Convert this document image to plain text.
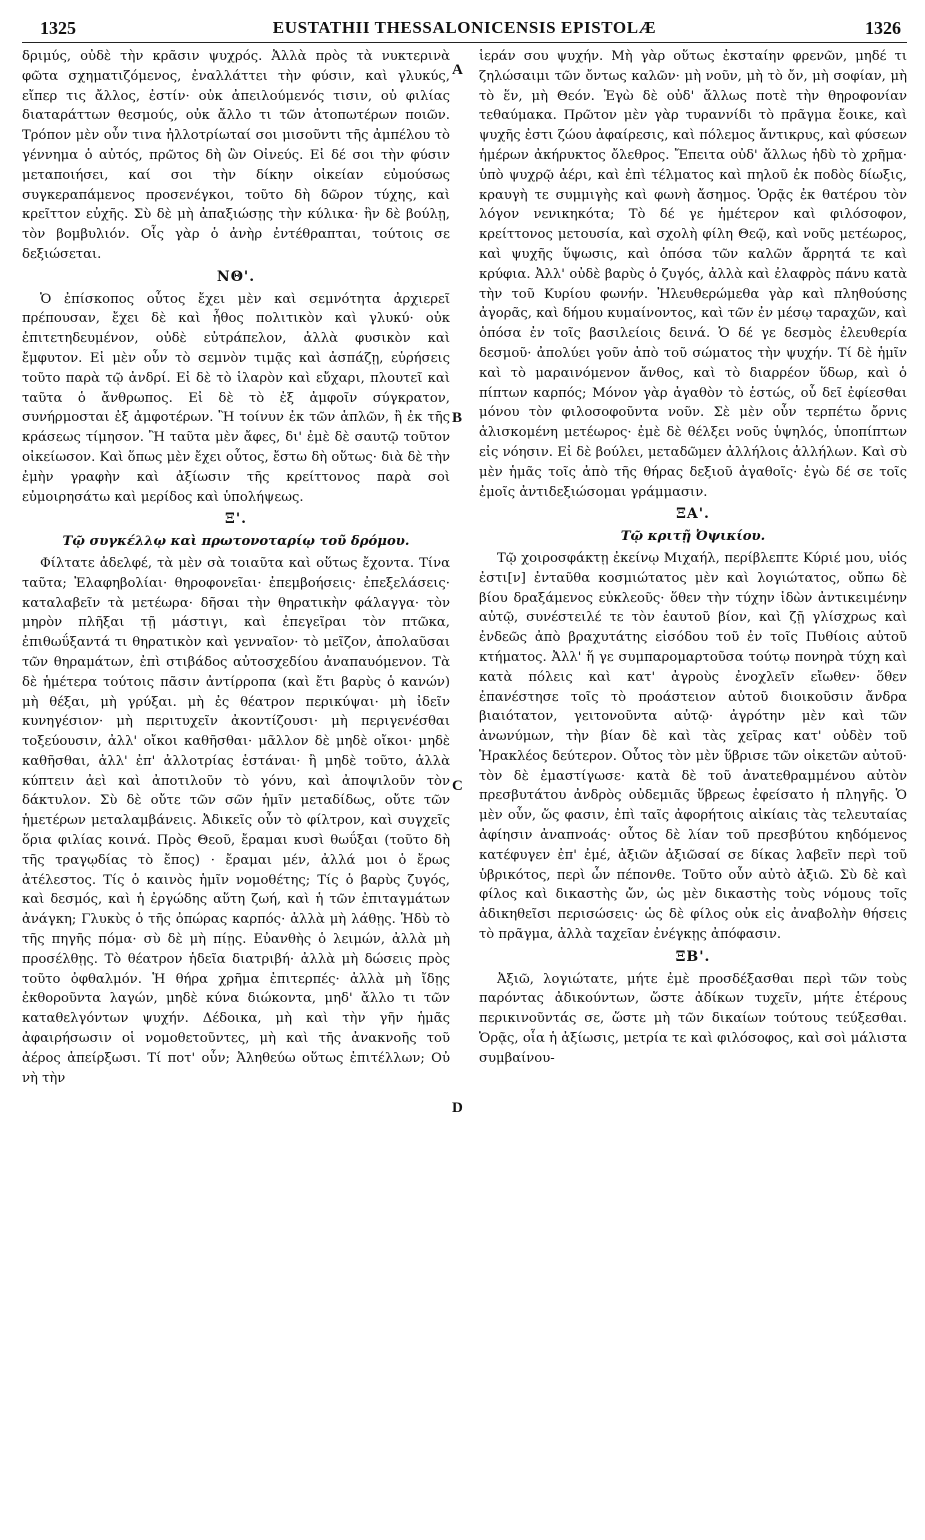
1325	EUSTATHII THESSALONICENSIS EPISTOLÆ	1326
A
B
C
D

δριμύς, οὐδὲ τὴν κρᾶσιν ψυχρός. Ἀλλὰ πρὸς τὰ νυκτερινὰ φῶτα σχηματιζόμενος, ἐναλλάττει τὴν φύσιν, καὶ γλυκύς, εἴπερ τις ἄλλος, ἐστίν· οὐκ ἀπειλούμενός τισιν, οὐ φιλίας διαταράττων θεσμούς, οὐκ ἄλλο τι τῶν ἀτοπωτέρων ποιῶν. Τρόπον μὲν οὖν τινα ἠλλοτρίωταί σοι μισοῦντι τῆς ἀμπέλου τὸ γέννημα ὁ αὐτός, πρῶτος δὴ ὢν Οἰνεύς. Εἰ δέ σοι τὴν φύσιν μεταποιήσει, καί σοι τὴν δίκην οἰκείαν εὐμούσως συγκεραπάμενος προσενέγκοι, τοῦτο δὴ δῶρον τύχης, καὶ κρεῖττον εὐχῆς. Σὺ δὲ μὴ ἀπαξιώσῃς τὴν κύλικα· ἣν δὲ βούλῃ, τὸν βομβυλιόν. Οἷς γὰρ ὁ ἀνὴρ ἐντέθραπται, τούτοις σε δεξιώσεται.

ΝΘ'.

Ὁ ἐπίσκοπος οὗτος ἔχει μὲν καὶ σεμνότητα ἀρχιερεῖ πρέπουσαν, ἔχει δὲ καὶ ἦθος πολιτικὸν καὶ γλυκύ· οὐκ ἐπιτετηδευμένον, οὐδὲ εὐτράπελον, ἀλλὰ φυσικὸν καὶ ἔμφυτον. Εἰ μὲν οὖν τὸ σεμνὸν τιμᾷς καὶ ἀσπάζῃ, εὑρήσεις τοῦτο παρὰ τῷ ἀνδρί. Εἰ δὲ τὸ ἱλαρὸν καὶ εὔχαρι, πλουτεῖ καὶ ταῦτα ὁ ἄνθρωπος. Εἰ δὲ τὸ ἐξ ἀμφοῖν σύγκρατον, συνήρμοσται ἐξ ἀμφοτέρων. Ἢ τοίνυν ἐκ τῶν ἁπλῶν, ἢ ἐκ τῆς κράσεως τίμησον. Ἢ ταῦτα μὲν ἄφες, δι' ἐμὲ δὲ σαυτῷ τοῦτον οἰκείωσον. Καὶ ὅπως μὲν ἔχει οὗτος, ἔστω δὴ οὕτως· διὰ δὲ τὴν ἐμὴν γραφὴν καὶ ἀξίωσιν τῆς κρείττονος παρὰ σοὶ εὐμοιρησάτω καὶ μερίδος καὶ ὑπολήψεως.

Ξ'.
Τῷ συγκέλλῳ καὶ πρωτονοταρίῳ τοῦ δρόμου.

Φίλτατε ἀδελφέ, τὰ μὲν σὰ τοιαῦτα καὶ οὕτως ἔχοντα. Τίνα ταῦτα; Ἐλαφηβολίαι· θηροφονεῖαι· ἐπεμβοήσεις· ἐπεξελάσεις· καταλαβεῖν τὰ μετέωρα· δῆσαι τὴν θηρατικὴν φάλαγγα· τὸν μηρὸν πλῆξαι τῇ μάστιγι, καὶ ἐπεγεῖραι τὸν πτῶκα, ἐπιθωΰξαντά τι θηρατικὸν καὶ γενναῖον· τὸ μεῖζον, ἀπολαῦσαι τῶν θηραμάτων, ἐπὶ στιβάδος αὐτοσχεδίου ἀναπαυόμενον. Τὰ δὲ ἡμέτερα τούτοις πᾶσιν ἀντίρροπα (καὶ ἔτι βαρὺς ὁ κανών) μὴ θέξαι, μὴ γρύξαι. μὴ ἐς θέατρον περικύψαι· μὴ ἰδεῖν κυνηγέσιον· μὴ περιτυχεῖν ἀκοντίζουσι· μὴ περιγενέσθαι τοξεύουσιν, ἀλλ' οἴκοι καθῆσθαι· μᾶλλον δὲ μηδὲ οἴκοι· μηδὲ καθῆσθαι, ἀλλ' ἐπ' ἀλλοτρίας ἑστάναι· ἢ μηδὲ τοῦτο, ἀλλὰ κύπτειν ἀεὶ καὶ ἀποτιλοῦν τὸ γόνυ, καὶ ἀποψιλοῦν τὸν δάκτυλον. Σὺ δὲ οὔτε τῶν σῶν ἡμῖν μεταδίδως, οὔτε τῶν ἡμετέρων μεταλαμβάνεις. Ἀδικεῖς οὖν τὸ φίλτρον, καὶ συγχεῖς ὅρια φιλίας κοινά. Πρὸς Θεοῦ, ἔραμαι κυσὶ θωΰξαι (τοῦτο δὴ τῆς τραγῳδίας τὸ ἔπος) · ἔραμαι μέν, ἀλλά μοι ὁ ἔρως ἀτέλεστος. Τίς ὁ καινὸς ἡμῖν νομοθέτης; Τίς ὁ βαρὺς ζυγός, καὶ δεσμός, καὶ ἡ ἐργώδης αὕτη ζωή, καὶ ἡ τῶν ἐπιταγμάτων ἀνάγκη; Γλυκὺς ὁ τῆς ὀπώρας καρπός· ἀλλὰ μὴ λάθῃς. Ἡδὺ τὸ τῆς πηγῆς πόμα· σὺ δὲ μὴ πίῃς. Εὐανθὴς ὁ λειμών, ἀλλὰ μὴ προσέλθῃς. Τὸ θέατρον ἡδεῖα διατριβή· ἀλλὰ μὴ δώσεις πρὸς τοῦτο ὀφθαλμόν. Ἡ θήρα χρῆμα ἐπιτερπές· ἀλλὰ μὴ ἴδῃς ἐκθοροῦντα λαγών, μηδὲ κύνα διώκοντα, μηδ' ἄλλο τι τῶν καταθελγόντων ψυχήν. Δέδοικα, μὴ καὶ τὴν γῆν ἡμᾶς ἀφαιρήσωσιν οἱ νομοθετοῦντες, μὴ καὶ τῆς ἀνακνοῆς τοῦ ἀέρος ἀπείρξωσι. Τί ποτ' οὖν; Ἀληθεύω οὕτως ἐπιτέλλων; Οὐ νὴ τὴν

ἱεράν σου ψυχήν. Μὴ γὰρ οὕτως ἐκσταίην φρενῶν, μηδέ τι ζηλώσαιμι τῶν ὄντως καλῶν· μὴ νοῦν, μὴ τὸ ὄν, μὴ σοφίαν, μὴ τὸ ἕν, μὴ Θεόν. Ἐγὼ δὲ οὐδ' ἄλλως ποτὲ τὴν θηροφονίαν τεθαύμακα. Πρῶτον μὲν γὰρ τυραννίδι τὸ πρᾶγμα ἔοικε, καὶ ψυχῆς ἐστι ζώου ἀφαίρεσις, καὶ πόλεμος ἄντικρυς, καὶ φύσεων ἡμέρων ἀκήρυκτος ὄλεθρος. Ἔπειτα οὐδ' ἄλλως ἡδὺ τὸ χρῆμα· ὑπὸ ψυχρῷ ἀέρι, καὶ ἐπὶ τέλματος καὶ πηλοῦ ἐκ ποδὸς δίωξις, κραυγὴ τε συμμιγὴς καὶ φωνὴ ἄσημος. Ὁρᾷς ἐκ θατέρου τὸν λόγον νενικηκότα; Τὸ δέ γε ἡμέτερον καὶ φιλόσοφον, κρείττονος μετουσία, καὶ σχολὴ φίλη Θεῷ, καὶ νοῦς μετέωρος, καὶ ψυχῆς ὕψωσις, καὶ ὁπόσα τῶν καλῶν ἄρρητά τε καὶ κρύφια. Ἀλλ' οὐδὲ βαρὺς ὁ ζυγός, ἀλλὰ καὶ ἐλαφρὸς πάνυ κατὰ τὴν τοῦ Κυρίου φωνήν. Ἠλευθερώμεθα γὰρ καὶ πληθούσης ἀγορᾶς, καὶ δήμου κυμαίνοντος, καὶ τῶν ἐν μέσῳ ταραχῶν, καὶ ὁπόσα ἐν τοῖς βασιλείοις δεινά. Ὁ δέ γε δεσμὸς ἐλευθερία δεσμοῦ· ἀπολύει γοῦν ἀπὸ τοῦ σώματος τὴν ψυχήν. Τί δὲ ἡμῖν καὶ τὸ μαραινόμενον ἄνθος, καὶ τὸ διαρρέον ὕδωρ, καὶ ὁ πίπτων καρπός; Μόνον γὰρ ἀγαθὸν τὸ ἑστώς, οὗ δεῖ ἐφίεσθαι μόνου τὸν φιλοσοφοῦντα νοῦν. Σὲ μὲν οὖν τερπέτω ὄρνις ἁλισκομένη μετέωρος· ἐμὲ δὲ θέλξει νοῦς ὑψηλός, ὑποπίπτων εἰς νόησιν. Εἰ δὲ βούλει, μεταδῶμεν ἀλλήλοις ἀλλήλων. Καὶ σὺ μὲν ἡμᾶς τοῖς ἀπὸ τῆς θήρας δεξιοῦ ἀγαθοῖς· ἐγὼ δέ σε τοῖς ἐμοῖς ἀντιδεξιώσομαι γράμμασιν.

ΞΑ'.
Τῷ κριτῇ Ὀψικίου.

Τῷ χοιροσφάκτῃ ἐκείνῳ Μιχαήλ, περίβλεπτε Κύριέ μου, υἱός ἐστι[ν] ἐνταῦθα κοσμιώτατος μὲν καὶ λογιώτατος, οὔπω δὲ βίου δραξάμενος εὐκλεοῦς· ὅθεν τὴν τύχην ἰδὼν ἀντικειμένην αὐτῷ, συνέστειλέ τε τὸν ἑαυτοῦ βίον, καὶ ζῇ γλίσχρως καὶ ἐνδεῶς ἀπὸ βραχυτάτης εἰσόδου τοῦ ἐν τοῖς Πυθίοις αὐτοῦ κτήματος. Ἀλλ' ἥ γε συμπαρομαρτοῦσα τούτῳ πονηρὰ τύχη καὶ κατὰ πόλεις καὶ κατ' ἀγροὺς ἐνοχλεῖν εἴωθεν· ὅθεν ἐπανέστησε τοῖς τὸ προάστειον αὐτοῦ διοικοῦσιν ἄνδρα βιαιότατον, γειτονοῦντα αὐτῷ· ἀγρότην μὲν καὶ τῶν ἀνωνύμων, τὴν βίαν δὲ καὶ τὰς χεῖρας κατ' οὐδὲν τοῦ Ἡρακλέος δεύτερον. Οὗτος τὸν μὲν ὕβρισε τῶν οἰκετῶν αὐτοῦ· τὸν δὲ ἐμαστίγωσε· κατὰ δὲ τοῦ ἀνατεθραμμένου αὐτὸν πρεσβυτάτου ἀνδρὸς οὐδεμιᾶς ὕβρεως ἐφείσατο ἡ πληγῆς. Ὁ μὲν οὖν, ὥς φασιν, ἐπὶ ταῖς ἀφορήτοις αἰκίαις τὰς τελευταίας ἀφίησιν ἀναπνοάς· οὗτος δὲ λίαν τοῦ πρεσβύτου κηδόμενος κατέφυγεν ἐπ' ἐμέ, ἀξιῶν ἀξιῶσαί σε δίκας λαβεῖν περὶ τοῦ ὑβρικότος, περὶ ὧν πέπονθε. Τοῦτο οὖν αὐτὸ ἀξιῶ. Σὺ δὲ καὶ φίλος καὶ δικαστὴς ὤν, ὡς μὲν δικαστὴς τοὺς νόμους τοῖς ἀδικηθεῖσι περισώσεις· ὡς δὲ φίλος οὐκ εἰς ἀναβολὴν θήσεις τὸ πρᾶγμα, ἀλλὰ ταχεῖαν ἐνέγκῃς ἀπόφασιν.

ΞΒ'.

Ἀξιῶ, λογιώτατε, μήτε ἐμὲ προσδέξασθαι περὶ τῶν τοὺς παρόντας ἀδικούντων, ὥστε ἀδίκων τυχεῖν, μήτε ἑτέρους περικινοῦντάς σε, ὥστε μὴ τῶν δικαίων τούτους τεύξεσθαι. Ὁρᾷς, οἷα ἡ ἀξίωσις, μετρία τε καὶ φιλόσοφος, καὶ σοὶ μάλιστα συμβαίνου-
